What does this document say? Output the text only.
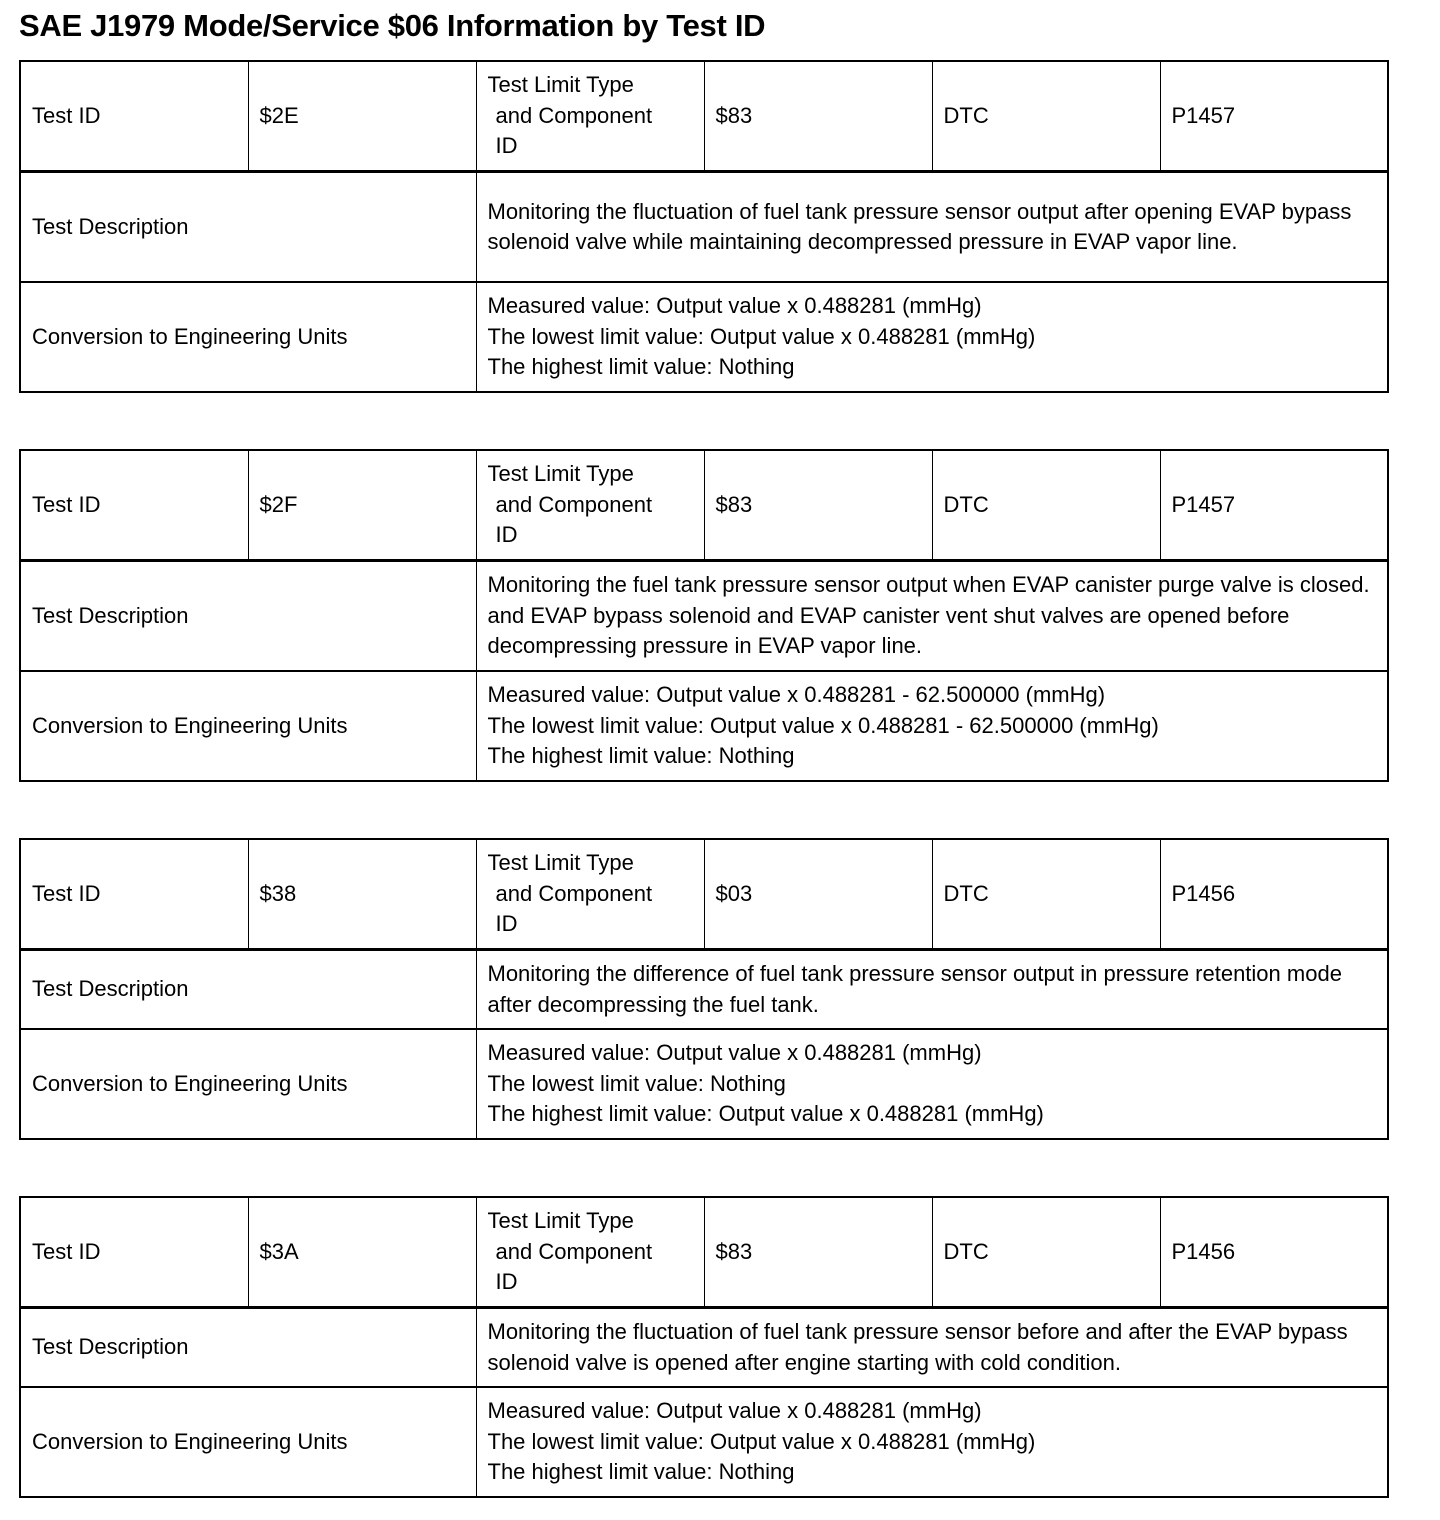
SAE J1979 Mode/Service $06 Information by Test ID
Test ID	$2E	Test Limit Type
and Component
ID	$83	DTC	P1457
Test Description		Monitoring the fluctuation of fuel tank pressure sensor output after opening EVAP bypass solenoid valve while maintaining decompressed pressure in EVAP vapor line.			
Conversion to Engineering Units		Measured value: Output value x 0.488281 (mmHg)
The lowest limit value: Output value x 0.488281 (mmHg)
The highest limit value: Nothing			
Test ID	$2F	Test Limit Type
and Component
ID	$83	DTC	P1457
Test Description		Monitoring the fuel tank pressure sensor output when EVAP canister purge valve is closed. and EVAP bypass solenoid and EVAP canister vent shut valves are opened before decompressing pressure in EVAP vapor line.			
Conversion to Engineering Units		Measured value: Output value x 0.488281 - 62.500000 (mmHg)
The lowest limit value: Output value x 0.488281 - 62.500000 (mmHg)
The highest limit value: Nothing			
Test ID	$38	Test Limit Type
and Component
ID	$03	DTC	P1456
Test Description		Monitoring the difference of fuel tank pressure sensor output in pressure retention mode after decompressing the fuel tank.			
Conversion to Engineering Units		Measured value: Output value x 0.488281 (mmHg)
The lowest limit value: Nothing
The highest limit value: Output value x 0.488281 (mmHg)			
Test ID	$3A	Test Limit Type
and Component
ID	$83	DTC	P1456
Test Description		Monitoring the fluctuation of fuel tank pressure sensor before and after the EVAP bypass solenoid valve is opened after engine starting with cold condition.			
Conversion to Engineering Units		Measured value: Output value x 0.488281 (mmHg)
The lowest limit value: Output value x 0.488281 (mmHg)
The highest limit value: Nothing			
